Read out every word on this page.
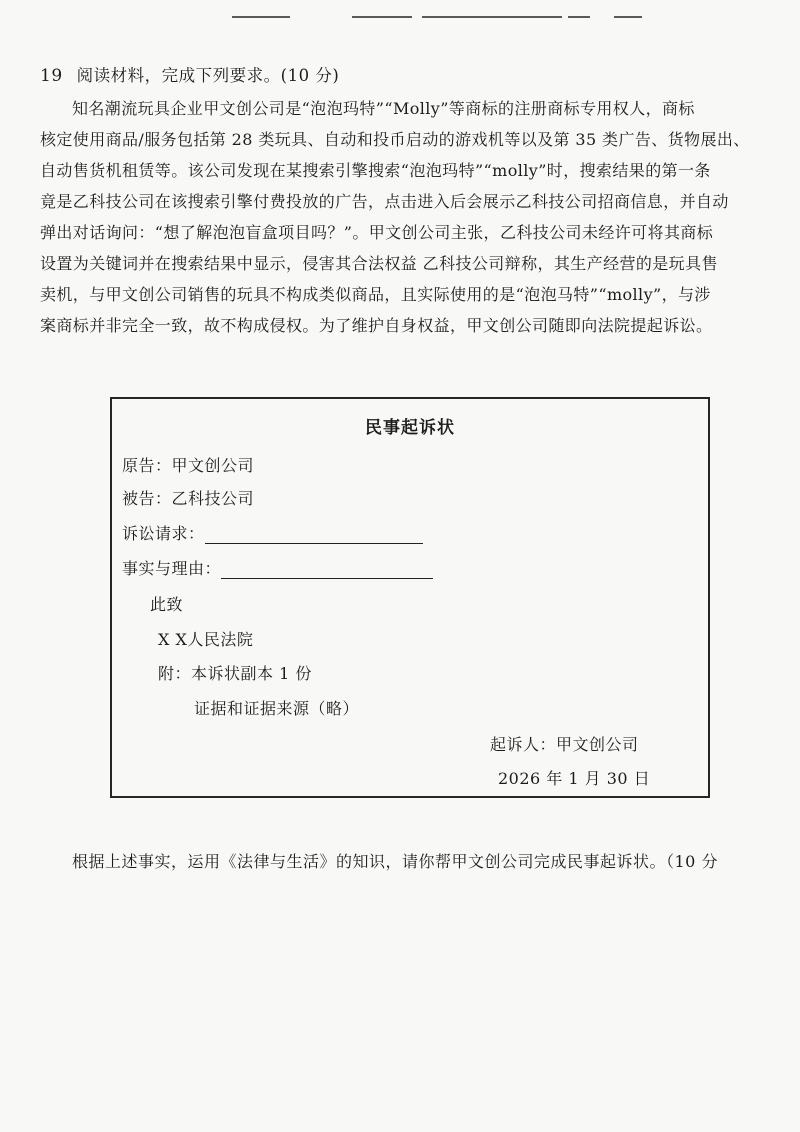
19 阅读材料，完成下列要求。(10 分)
知名潮流玩具企业甲文创公司是“泡泡玛特”“Molly”等商标的注册商标专用权人，商标
核定使用商品/服务包括第 28 类玩具、自动和投币启动的游戏机等以及第 35 类广告、货物展出、
自动售货机租赁等。该公司发现在某搜索引擎搜索“泡泡玛特”“molly”时，搜索结果的第一条
竟是乙科技公司在该搜索引擎付费投放的广告，点击进入后会展示乙科技公司招商信息，并自动
弹出对话询问：“想了解泡泡盲盒项目吗？”。甲文创公司主张，乙科技公司未经许可将其商标
设置为关键词并在搜索结果中显示，侵害其合法权益 乙科技公司辩称，其生产经营的是玩具售
卖机，与甲文创公司销售的玩具不构成类似商品，且实际使用的是“泡泡马特”“molly”，与涉
案商标并非完全一致，故不构成侵权。为了维护自身权益，甲文创公司随即向法院提起诉讼。
民事起诉状
原告：甲文创公司
被告：乙科技公司
诉讼请求：
事实与理由：
此致
X X人民法院
附：本诉状副本 1 份
证据和证据来源（略）
起诉人：甲文创公司
2026 年 1 月 30 日
根据上述事实，运用《法律与生活》的知识，请你帮甲文创公司完成民事起诉状。（10 分
